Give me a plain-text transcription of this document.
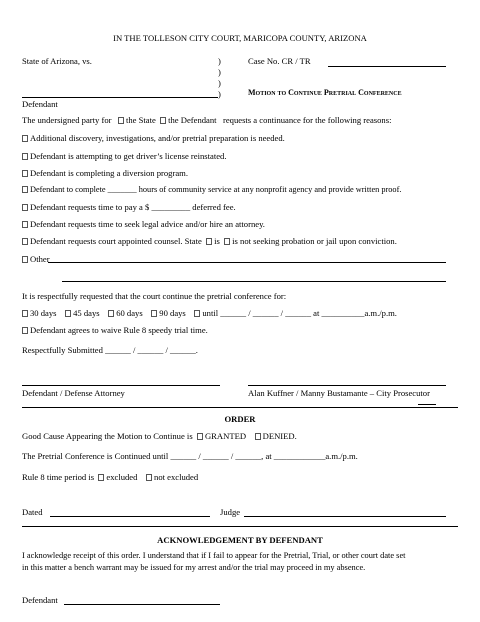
IN THE TOLLESON CITY COURT, MARICOPA COUNTY, ARIZONA
State of Arizona, vs.	)
)
)
)
Defendant
Case No. CR / TR
Motion to Continue Pretrial Conference
The undersigned party for the State the Defendant requests a continuance for the following reasons:
Additional discovery, investigations, and/or pretrial preparation is needed.
Defendant is attempting to get driver’s license reinstated.
Defendant is completing a diversion program.
Defendant to complete _______ hours of community service at any nonprofit agency and provide written proof.
Defendant requests time to pay a $ _________ deferred fee.
Defendant requests time to seek legal advice and/or hire an attorney.
Defendant requests court appointed counsel. State is is not seeking probation or jail upon conviction.
Other
It is respectfully requested that the court continue the pretrial conference for:
30 days 45 days 60 days 90 days until ______ / ______ / ______ at __________a.m./p.m.
Defendant agrees to waive Rule 8 speedy trial time.
Respectfully Submitted ______ / ______ / ______.
Defendant / Defense Attorney	Alan Kuffner / Manny Bustamante – City Prosecutor
ORDER
Good Cause Appearing the Motion to Continue is GRANTED DENIED.
The Pretrial Conference is Continued until ______ / ______ / ______, at ____________a.m./p.m.
Rule 8 time period is excluded not excluded
Dated	Judge
ACKNOWLEDGEMENT BY DEFENDANT
I acknowledge receipt of this order. I understand that if I fail to appear for the Pretrial, Trial, or other court date set
in this matter a bench warrant may be issued for my arrest and/or the trial may proceed in my absence.
Defendant
